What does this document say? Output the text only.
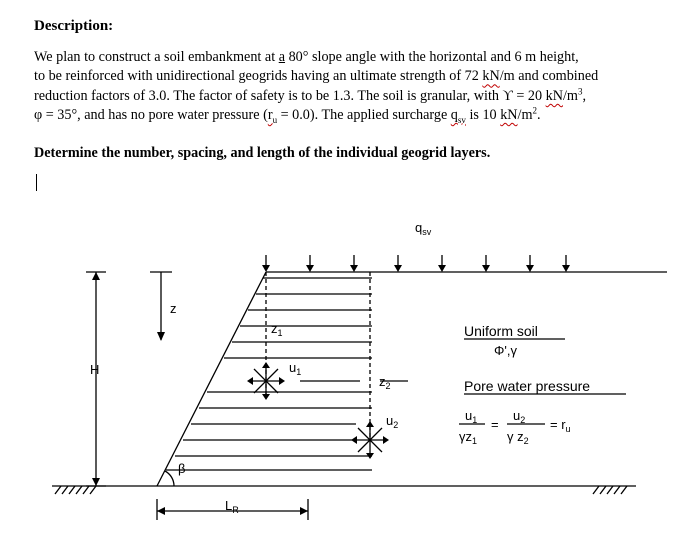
Description:
We plan to construct a soil embankment at a 80° slope angle with the horizontal and 6 m height,
to be reinforced with unidirectional geogrids having an ultimate strength of 72 kN/m and combined
reduction factors of 3.0. The factor of safety is to be 1.3. The soil is granular, with ϒ = 20 $kN/m^3$,
φ = 35°, and has no pore water pressure $(r_u = 0.0)$. The applied surcharge $q_{sv}$ is 10 $kN/m^2$.
Determine the number, spacing, and length of the individual geogrid layers.
$q_{sv}$
z
$z_1$
$u_1$
$z_2$
$u_2$
H
β
$L_R$
Uniform soil
Φ',γ
Pore water pressure
$u_1$
$\gamma z_1$
=
$u_2$
γ $z_2$
= $r_u$
